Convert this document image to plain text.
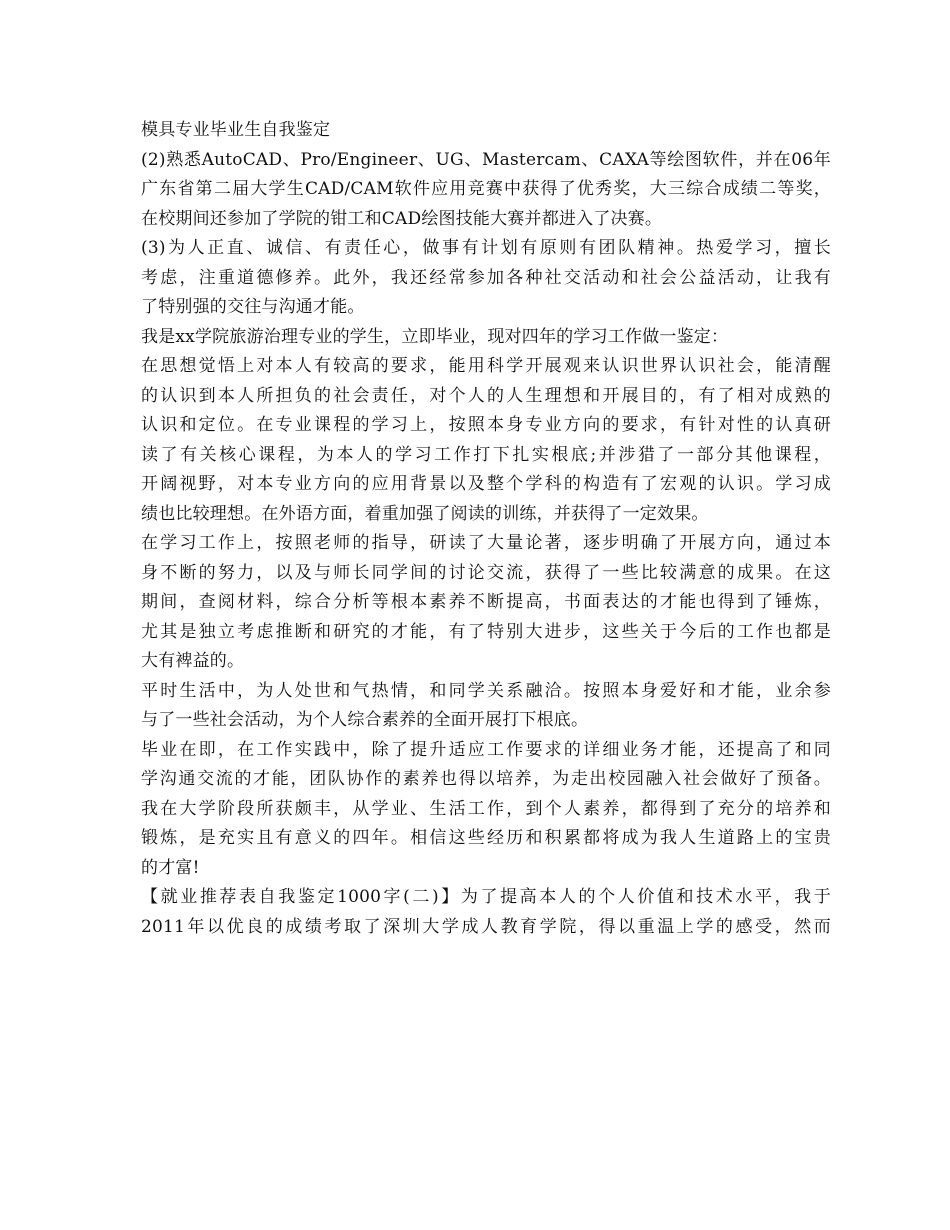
模具专业毕业生自我鉴定
(2)熟悉AutoCAD、Pro/Engineer、UG、Mastercam、CAXA等绘图软件，并在06年
广东省第二届大学生CAD/CAM软件应用竞赛中获得了优秀奖，大三综合成绩二等奖，
在校期间还参加了学院的钳工和CAD绘图技能大赛并都进入了决赛。
(3)为人正直、诚信、有责任心，做事有计划有原则有团队精神。热爱学习，擅长
考虑，注重道德修养。此外，我还经常参加各种社交活动和社会公益活动，让我有
了特别强的交往与沟通才能。
我是xx学院旅游治理专业的学生，立即毕业，现对四年的学习工作做一鉴定：
在思想觉悟上对本人有较高的要求，能用科学开展观来认识世界认识社会，能清醒
的认识到本人所担负的社会责任，对个人的人生理想和开展目的，有了相对成熟的
认识和定位。在专业课程的学习上，按照本身专业方向的要求，有针对性的认真研
读了有关核心课程，为本人的学习工作打下扎实根底;并涉猎了一部分其他课程，
开阔视野，对本专业方向的应用背景以及整个学科的构造有了宏观的认识。学习成
绩也比较理想。在外语方面，着重加强了阅读的训练，并获得了一定效果。
在学习工作上，按照老师的指导，研读了大量论著，逐步明确了开展方向，通过本
身不断的努力，以及与师长同学间的讨论交流，获得了一些比较满意的成果。在这
期间，查阅材料，综合分析等根本素养不断提高，书面表达的才能也得到了锤炼，
尤其是独立考虑推断和研究的才能，有了特别大进步，这些关于今后的工作也都是
大有裨益的。
平时生活中，为人处世和气热情，和同学关系融洽。按照本身爱好和才能，业余参
与了一些社会活动，为个人综合素养的全面开展打下根底。
毕业在即，在工作实践中，除了提升适应工作要求的详细业务才能，还提高了和同
学沟通交流的才能，团队协作的素养也得以培养，为走出校园融入社会做好了预备。
我在大学阶段所获颇丰，从学业、生活工作，到个人素养，都得到了充分的培养和
锻炼，是充实且有意义的四年。相信这些经历和积累都将成为我人生道路上的宝贵
的才富!
【就业推荐表自我鉴定1000字(二)】为了提高本人的个人价值和技术水平，我于
2011年以优良的成绩考取了深圳大学成人教育学院，得以重温上学的感受，然而
